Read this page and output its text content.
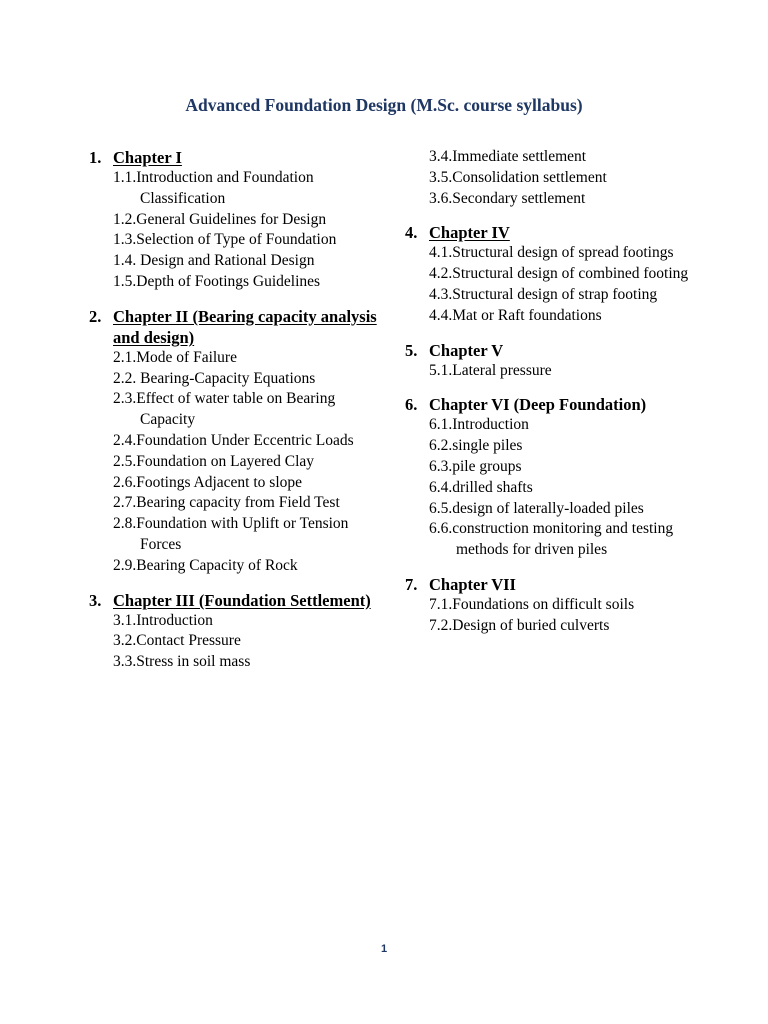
Advanced Foundation Design (M.Sc. course syllabus)
1. Chapter I
1.1.Introduction and Foundation Classification
1.2.General Guidelines for Design
1.3.Selection of Type of Foundation
1.4. Design and Rational Design
1.5.Depth of Footings Guidelines
2. Chapter II (Bearing capacity analysis and design)
2.1.Mode of Failure
2.2. Bearing-Capacity Equations
2.3.Effect of water table on Bearing Capacity
2.4.Foundation Under Eccentric Loads
2.5.Foundation on Layered Clay
2.6.Footings Adjacent to slope
2.7.Bearing capacity from Field Test
2.8.Foundation with Uplift or Tension Forces
2.9.Bearing Capacity of Rock
3. Chapter III (Foundation Settlement)
3.1.Introduction
3.2.Contact Pressure
3.3.Stress in soil mass
3.4.Immediate settlement
3.5.Consolidation settlement
3.6.Secondary settlement
4. Chapter IV
4.1.Structural design of spread footings
4.2.Structural design of combined footing
4.3.Structural design of strap footing
4.4.Mat or Raft foundations
5. Chapter V
5.1.Lateral pressure
6. Chapter VI (Deep Foundation)
6.1.Introduction
6.2.single piles
6.3.pile groups
6.4.drilled shafts
6.5.design of laterally-loaded piles
6.6.construction monitoring and testing methods for driven piles
7. Chapter VII
7.1.Foundations on difficult soils
7.2.Design of buried culverts
1
